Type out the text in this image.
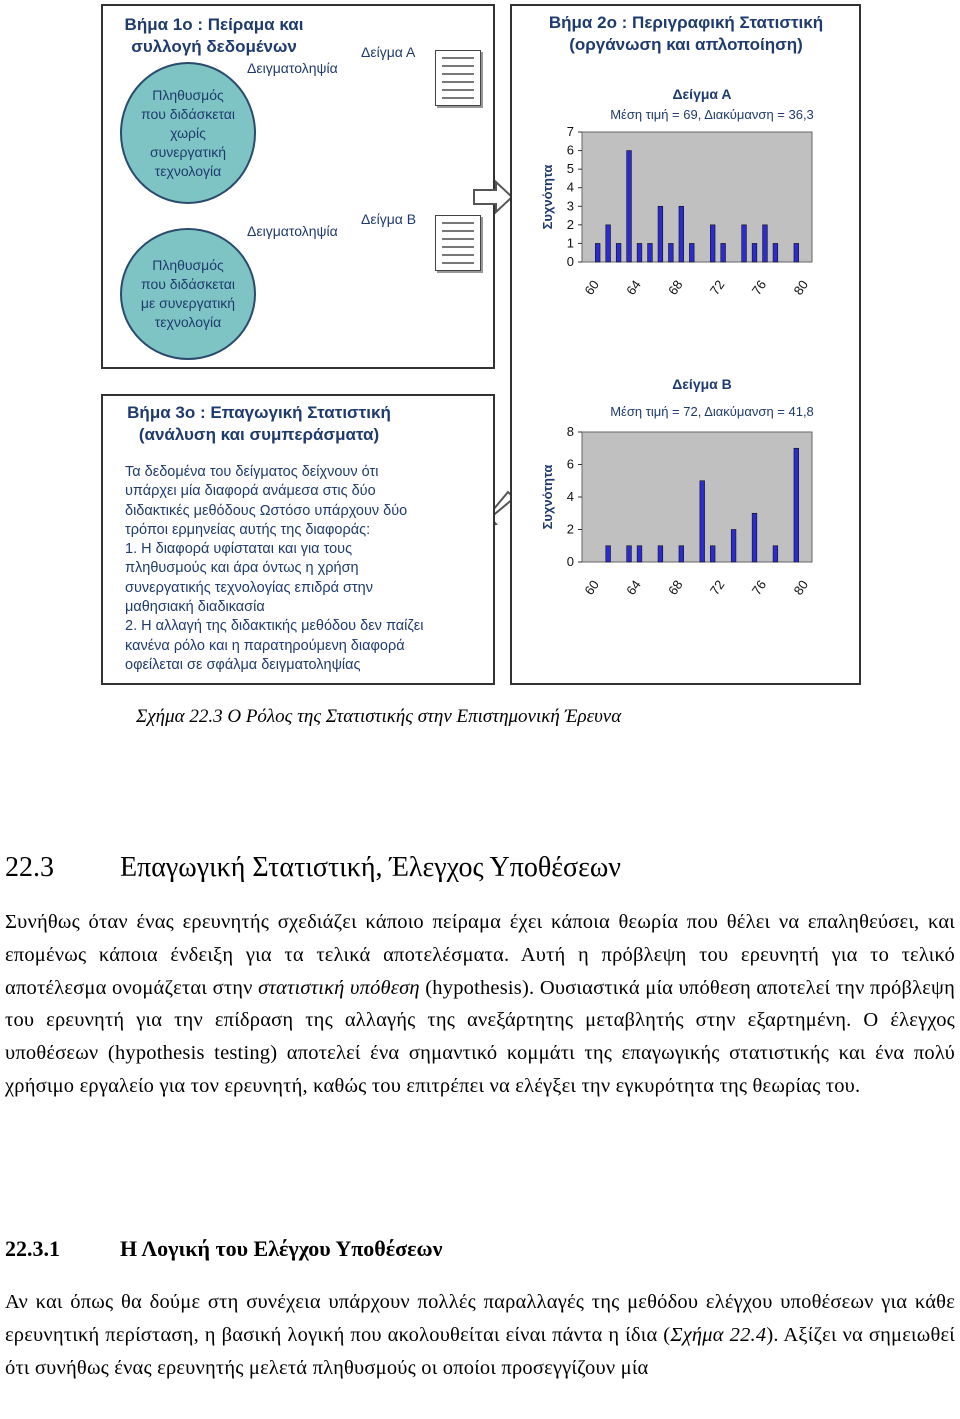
Βήμα 1ο : Πείραμα και
συλλογή δεδομένων
Πληθυσμός που διδάσκεται χωρίς συνεργατική τεχνολογία
Πληθυσμός που διδάσκεται με συνεργατική τεχνολογία
Δείγμα Α
Δειγματοληψία
Δείγμα Β
Δειγματοληψία
Βήμα 2ο : Περιγραφική Στατιστική
(οργάνωση και απλοποίηση)
Δείγμα Α
Μέση τιμή = 69, Διακύμανση = 36,3
0
1
2
3
4
5
6
7
Συχνότητα
60 64 68 72 76 80
Δείγμα Β
Μέση τιμή = 72, Διακύμανση = 41,8
0
2
4
6
8
Συχνότητα
60 64 68 72 76 80
Βήμα 3ο : Επαγωγική Στατιστική
(ανάλυση και συμπεράσματα)
Τα δεδομένα του δείγματος δείχνουν ότι
υπάρχει μία διαφορά ανάμεσα στις δύο
διδακτικές μεθόδους Ωστόσο υπάρχουν δύο
τρόποι ερμηνείας αυτής της διαφοράς:
1. Η διαφορά υφίσταται και για τους
πληθυσμούς και άρα όντως η χρήση
συνεργατικής τεχνολογίας επιδρά στην
μαθησιακή διαδικασία
2. Η αλλαγή της διδακτικής μεθόδου δεν παίζει
κανένα ρόλο και η παρατηρούμενη διαφορά
οφείλεται σε σφάλμα δειγματοληψίας
Σχήμα 22.3 Ο Ρόλος της Στατιστικής στην Επιστημονική Έρευνα
22.3 Επαγωγική Στατιστική, Έλεγχος Υποθέσεων
Συνήθως όταν ένας ερευνητής σχεδιάζει κάποιο πείραμα έχει κάποια θεωρία που θέλει να επαληθεύσει, και επομένως κάποια ένδειξη για τα τελικά αποτελέσματα. Αυτή η πρόβλεψη του ερευνητή για το τελικό αποτέλεσμα ονομάζεται στην στατιστική υπόθεση (hypothesis). Ουσιαστικά μία υπόθεση αποτελεί την πρόβλεψη του ερευνητή για την επίδραση της αλλαγής της ανεξάρτητης μεταβλητής στην εξαρτημένη. Ο έλεγχος υποθέσεων (hypothesis testing) αποτελεί ένα σημαντικό κομμάτι της επαγωγικής στατιστικής και ένα πολύ χρήσιμο εργαλείο για τον ερευνητή, καθώς του επιτρέπει να ελέγξει την εγκυρότητα της θεωρίας του.
22.3.1	Η Λογική του Ελέγχου Υποθέσεων
Αν και όπως θα δούμε στη συνέχεια υπάρχουν πολλές παραλλαγές της μεθόδου ελέγχου υποθέσεων για κάθε ερευνητική περίσταση, η βασική λογική που ακολουθείται είναι πάντα η ίδια (Σχήμα 22.4). Αξίζει να σημειωθεί ότι συνήθως ένας ερευνητής μελετά πληθυσμούς οι οποίοι προσεγγίζουν μία
